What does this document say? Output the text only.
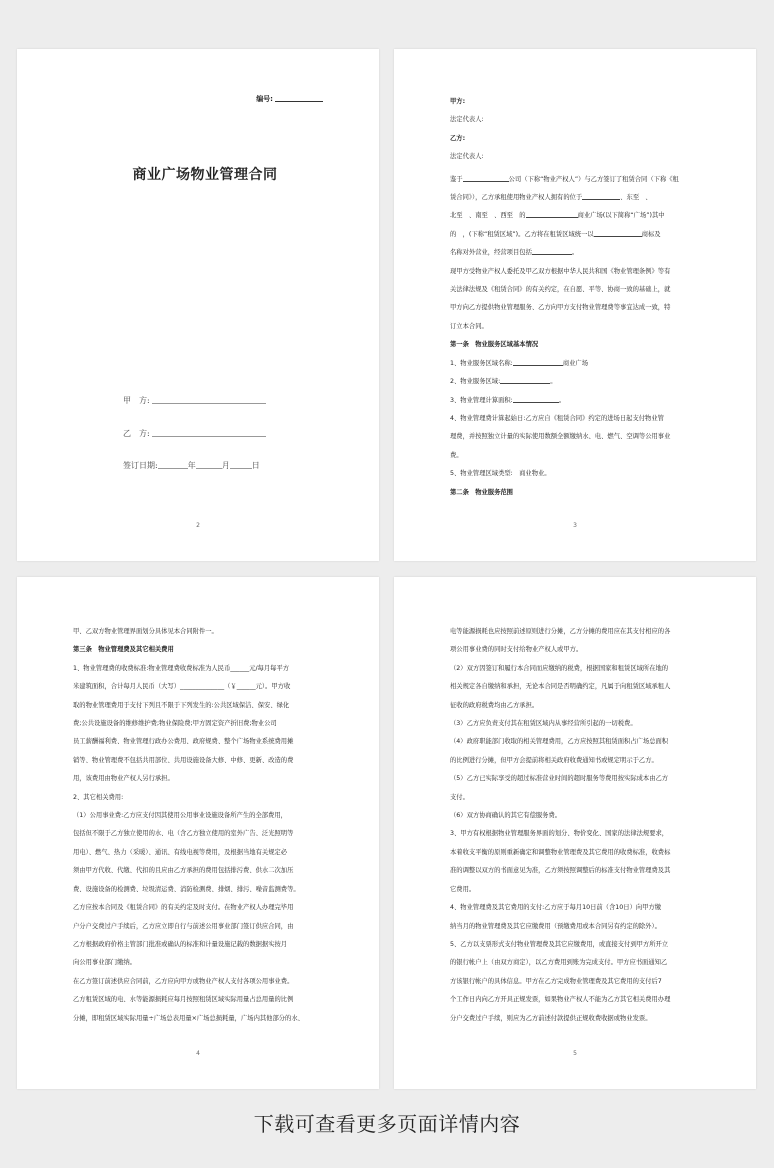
编号:
商业广场物业管理合同
甲　方:
乙　方:
签订日期:	年	月	日
2

甲方:

法定代表人:

乙方:

法定代表人:

鉴于	公司（下称“物业产权人”）与乙方签订了租赁合同（下称《租

赁合同》），乙方承租使用物业产权人拥有的位于	、东至　、

北至　、南至　、西至　的	商业广场(以下简称“广场”)其中

的　，(下称“租赁区域”)。乙方将在租赁区域统一以	商标及

名称对外营业，经营项目包括	。

现甲方受物业产权人委托及甲乙双方根据中华人民共和国《物业管理条例》等有

关法律法规及《租赁合同》的有关约定，在自愿、平等、协商一致的基础上，就

甲方向乙方提供物业管理服务、乙方向甲方支付物业管理费等事宜达成一致，特

订立本合同。

第一条　物业服务区域基本情况

1、物业服务区域名称:	商业广场

2、物业服务区域:	。

3、物业管理计算面积:	。

4、物业管理费计算起始日:乙方应自《租赁合同》约定的进场日起支付物业管

理费，并按照独立计量的实际使用数额全额缴纳水、电、燃气、空调等公用事业

费。

5、物业管理区域类型:　商业物业。

第二条　物业服务范围

3

甲、乙双方物业管理界面划分具体见本合同附件一。

第三条　物业管理费及其它相关费用

1、物业管理费的收费标准:物业管理费收费标准为人民币______元/每月每平方

米建筑面积，合计每月人民币（大写）______________（￥______元）。甲方收

取的物业管理费用于支付下列且不限于下列发生的:公共区域保洁、保安、绿化

费;公共设施设备的维修维护费;物业保险费;甲方固定资产折旧费;物业公司

员工薪酬福利费、物业管理行政办公费用、政府规费、整个广场物业系统费用摊

销等、物业管理费不包括共用部位、共用设施设备大修、中修、更新、改造的费

用，该费用由物业产权人另行承担。

2、其它相关费用:

（1）公用事业费:乙方应支付因其使用公用事业设施设备所产生的全部费用，

包括但不限于乙方独立使用的水、电（含乙方独立使用的室外广告、泛光照明等

用电）、燃气、热力（采暖）、通讯、有线电视等费用，及根据当地有关规定必

须由甲方代收、代缴、代扣的且应由乙方承担的费用包括排污费、供水二次加压

费、设施设备的检测费、垃圾清运费、消防检测费、排烟、排污、噪音监测费等。

乙方应按本合同及《租赁合同》的有关约定及时支付。在物业产权人办理完毕用

户分户交费过户手续后，乙方应立即自行与前述公用事业部门签订供应合同，由

乙方根据政府价格主管部门批准或确认的标准和计量设施记载的数据据实按月

向公用事业部门缴纳。

在乙方签订前述供应合同前，乙方应向甲方或物业产权人支付各项公用事业费。

乙方租赁区域的电、水等能源损耗应每月按照租赁区域实际用量占总用量的比例

分摊，即租赁区域实际用量÷广场总表用量×广场总损耗量，广场内其他部分的水、

4

电等能源损耗也应按照前述原则进行分摊，乙方分摊的费用应在其支付相应的各

项公用事业费的同时支付给物业产权人或甲方。

（2）双方因签订和履行本合同而应缴纳的税费，根据国家和租赁区域所在地的

相关规定各自缴纳和承担，无论本合同是否明确约定，凡属于向租赁区域承租人

征收的政府税费均由乙方承担。

（3）乙方应负责支付其在租赁区域内从事经营所引起的一切税费。

（4）政府职能部门收取的相关管理费用，乙方应按照其租赁面积占广场总面积

的比例进行分摊，但甲方会提前将相关政府收费通知书或规定明示于乙方。

（5）乙方已实际享受的超过标准营业时间的超时服务等费用按实际成本由乙方

支付。

（6）双方协商确认的其它有偿服务费。

3、甲方有权根据物业管理服务界面的划分、物价变化、国家的法律法规要求，

本着收支平衡的原则重新确定和调整物业管理费及其它费用的收费标准，收费标

准的调整以双方的书面意见为准，乙方须按照调整后的标准支付物业管理费及其

它费用。

4、物业管理费及其它费用的支付:乙方应于每月10日前（含10日）向甲方缴

纳当月的物业管理费及其它应缴费用（预缴费用或本合同另有约定的除外）。

5、乙方以支票形式支付物业管理费及其它应缴费用，或直接支付到甲方所开立

的银行帐户上（由双方商定），以乙方费用到账为完成支付。甲方应书面通知乙

方该银行帐户的具体信息。甲方在乙方完成物业管理费及其它费用的支付后7

个工作日内向乙方开具正规发票，如果物业产权人不能为乙方其它相关费用办理

分户交费过户手续，则应为乙方前述付款提供正规收费收据或物业发票。

5
下载可查看更多页面详情内容
